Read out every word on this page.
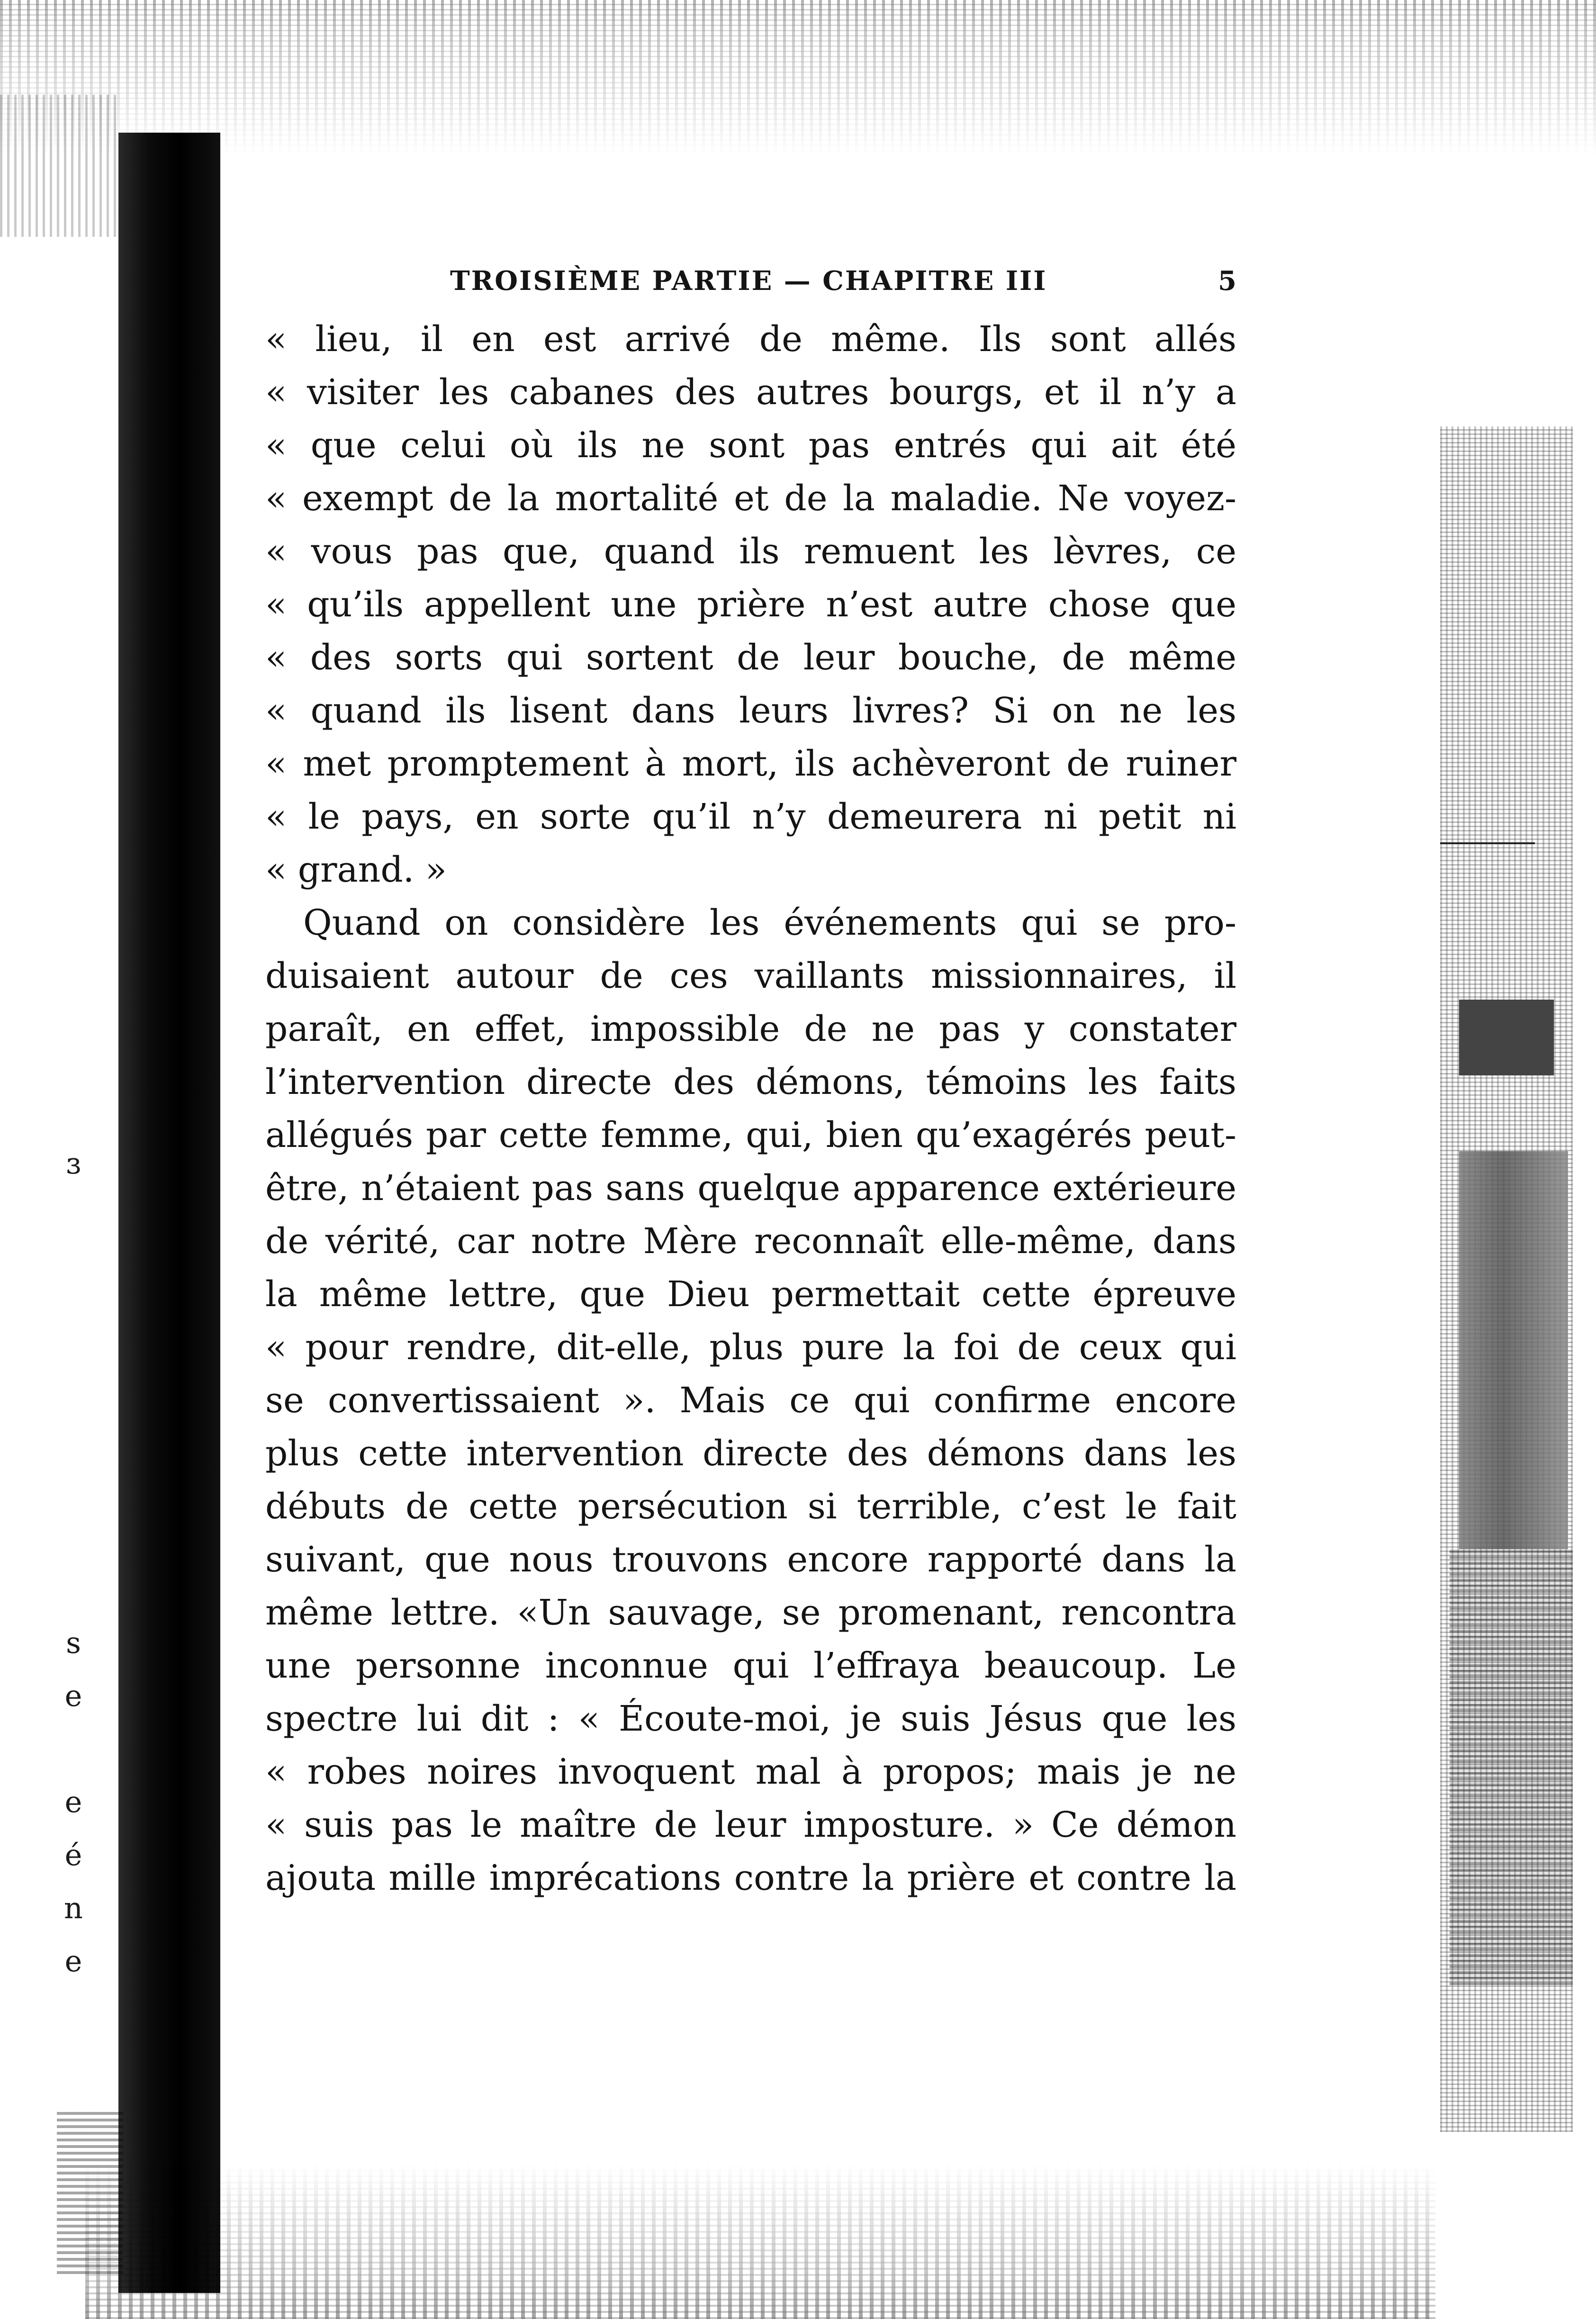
ɜ
s
e
e
é
n
e
TROISIÈME PARTIE — CHAPITRE III	5
« lieu, il en est arrivé de même. Ils sont allés
« visiter les cabanes des autres bourgs, et il n’y a
« que celui où ils ne sont pas entrés qui ait été
« exempt de la mortalité et de la maladie. Ne voyez-
« vous pas que, quand ils remuent les lèvres, ce
« qu’ils appellent une prière n’est autre chose que
« des sorts qui sortent de leur bouche, de même
« quand ils lisent dans leurs livres? Si on ne les
« met promptement à mort, ils achèveront de ruiner
« le pays, en sorte qu’il n’y demeurera ni petit ni
« grand. »
Quand on considère les événements qui se pro-
duisaient autour de ces vaillants missionnaires, il
paraît, en effet, impossible de ne pas y constater
l’intervention directe des démons, témoins les faits
allégués par cette femme, qui, bien qu’exagérés peut-
être, n’étaient pas sans quelque apparence extérieure
de vérité, car notre Mère reconnaît elle-même, dans
la même lettre, que Dieu permettait cette épreuve
« pour rendre, dit-elle, plus pure la foi de ceux qui
se convertissaient ». Mais ce qui confirme encore
plus cette intervention directe des démons dans les
débuts de cette persécution si terrible, c’est le fait
suivant, que nous trouvons encore rapporté dans la
même lettre. «Un sauvage, se promenant, rencontra
une personne inconnue qui l’effraya beaucoup. Le
spectre lui dit : « Écoute-moi, je suis Jésus que les
« robes noires invoquent mal à propos; mais je ne
« suis pas le maître de leur imposture. » Ce démon
ajouta mille imprécations contre la prière et contre la
